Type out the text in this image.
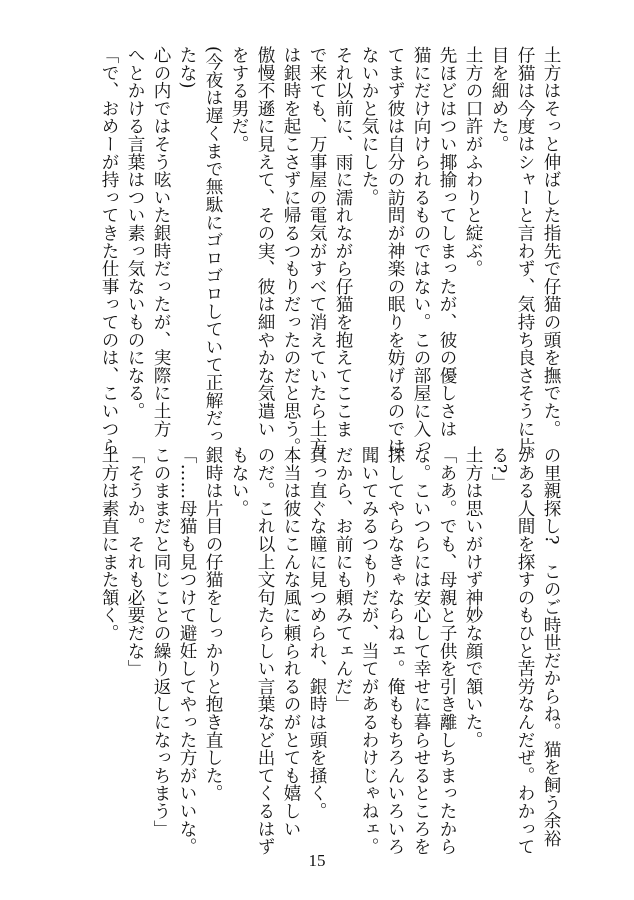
土方はそっと伸ばした指先で仔猫の頭を撫でた。
仔猫は今度はシャーと言わず、気持ち良さそうに片
目を細めた。
土方の口許がふわりと綻ぶ。
先ほどはつい揶揄ってしまったが、彼の優しさは
猫にだけ向けられるものではない。この部屋に入っ
てまず彼は自分の訪問が神楽の眠りを妨げるのでは
ないかと気にした。
それ以前に、雨に濡れながら仔猫を抱えてここま
で来ても、万事屋の電気がすべて消えていたら土方
は銀時を起こさずに帰るつもりだったのだと思う。
傲慢不遜に見えて、その実、彼は細やかな気遣い
をする男だ。
(今夜は遅くまで無駄にゴロゴロしていて正解だっ
たな)
心の内ではそう呟いた銀時だったが、実際に土方
へとかける言葉はつい素っ気ないものになる。
「で、おめーが持ってきた仕事ってのは、こいつら
の里親探し?　このご時世だからね。猫を飼う余裕
がある人間を探すのもひと苦労なんだぜ。わかって
る?」
土方は思いがけず神妙な顔で頷いた。
「ああ。でも、母親と子供を引き離しちまったから
な。こいつらには安心して幸せに暮らせるところを
探してやらなきゃならねェ。俺ももちろんいろいろ
聞いてみるつもりだが、当てがあるわけじゃねェ。
だから、お前にも頼みてェんだ」
真っ直ぐな瞳に見つめられ、銀時は頭を掻く。
本当は彼にこんな風に頼られるのがとても嬉しい
のだ。これ以上文句たらしい言葉など出てくるはず
もない。
銀時は片目の仔猫をしっかりと抱き直した。
「……母猫も見つけて避妊してやった方がいいな。
このままだと同じことの繰り返しになっちまう」
「そうか。それも必要だな」
土方は素直にまた頷く。
15
